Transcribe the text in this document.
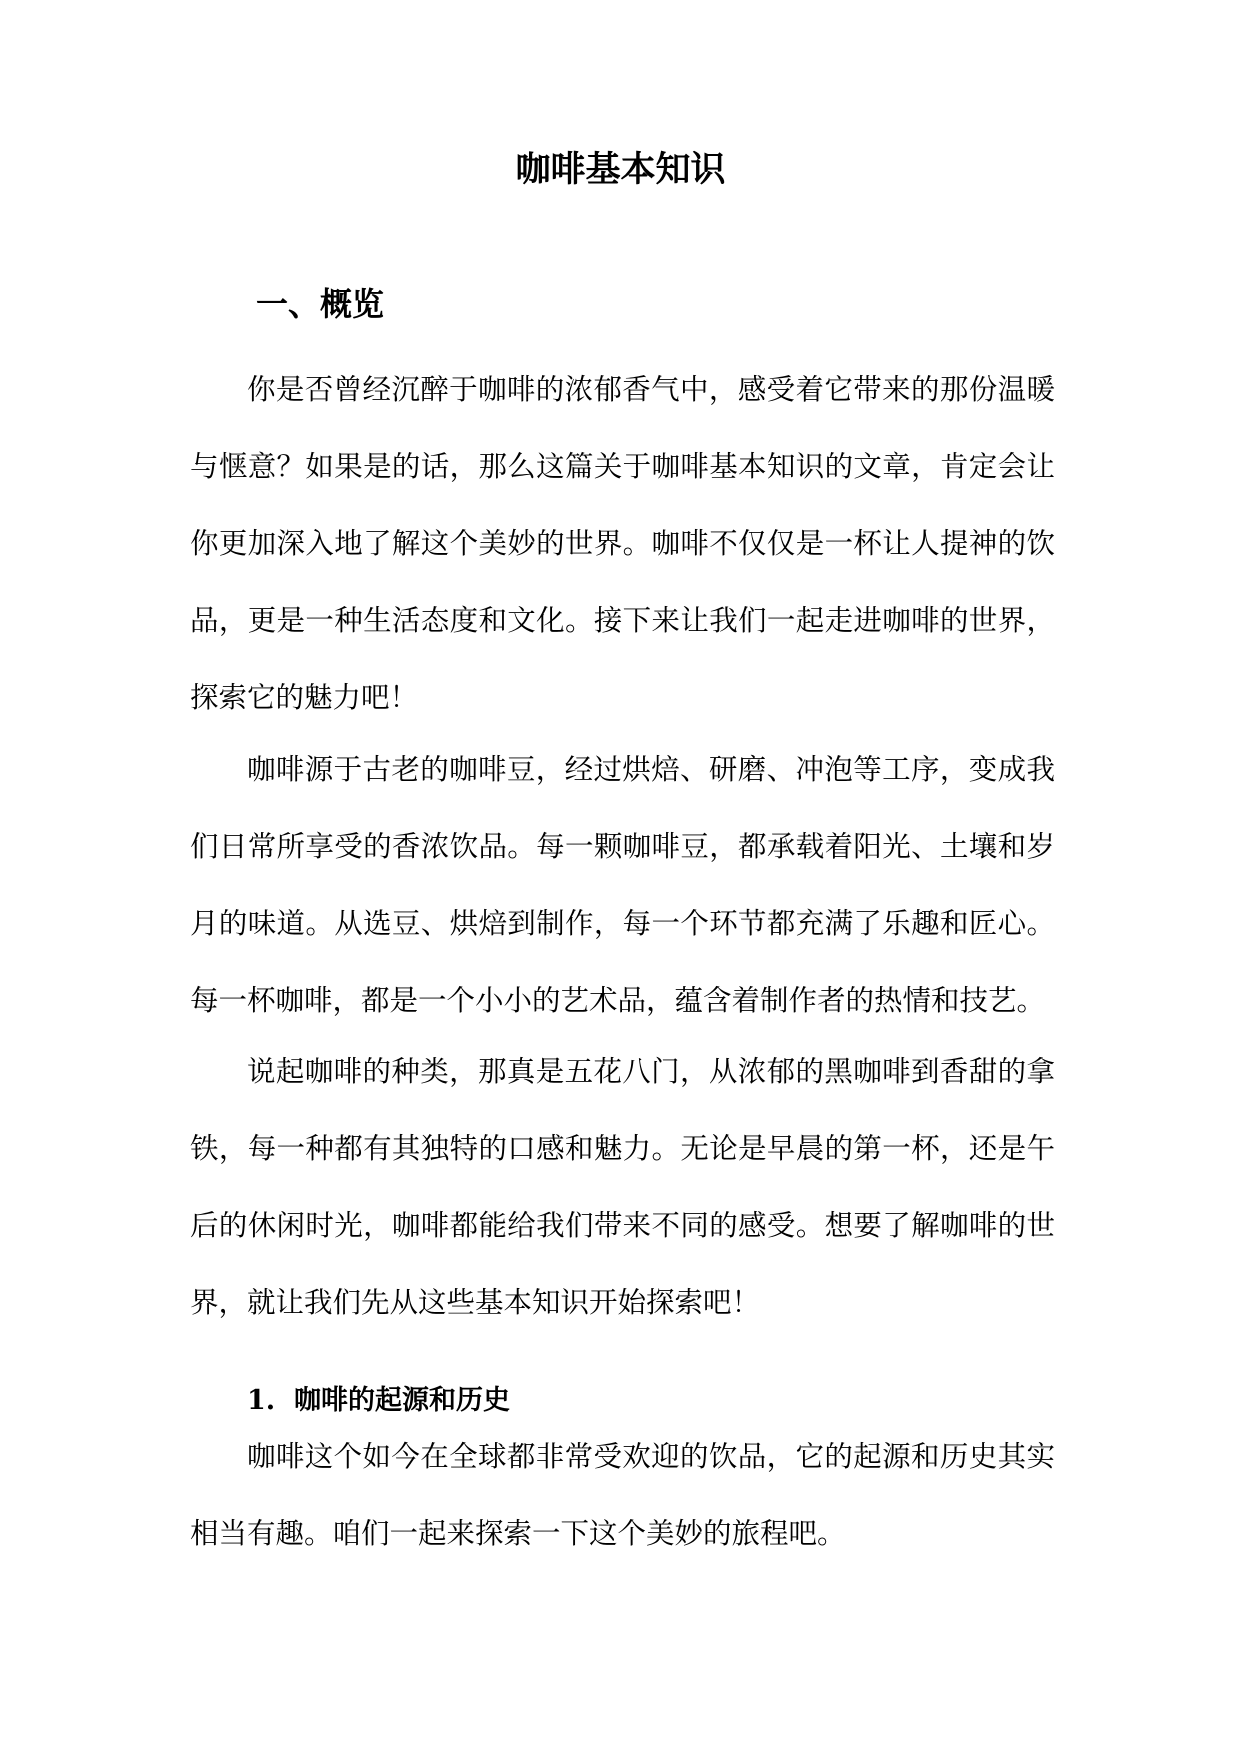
咖啡基本知识
一、概览

你是否曾经沉醉于咖啡的浓郁香气中，感受着它带来的那份温暖与惬意？如果是的话，那么这篇关于咖啡基本知识的文章，肯定会让你更加深入地了解这个美妙的世界。咖啡不仅仅是一杯让人提神的饮品，更是一种生活态度和文化。接下来让我们一起走进咖啡的世界，探索它的魅力吧！

咖啡源于古老的咖啡豆，经过烘焙、研磨、冲泡等工序，变成我们日常所享受的香浓饮品。每一颗咖啡豆，都承载着阳光、土壤和岁月的味道。从选豆、烘焙到制作，每一个环节都充满了乐趣和匠心。每一杯咖啡，都是一个小小的艺术品，蕴含着制作者的热情和技艺。

说起咖啡的种类，那真是五花八门，从浓郁的黑咖啡到香甜的拿铁，每一种都有其独特的口感和魅力。无论是早晨的第一杯，还是午后的休闲时光，咖啡都能给我们带来不同的感受。想要了解咖啡的世界，就让我们先从这些基本知识开始探索吧！

1.  咖啡的起源和历史

咖啡这个如今在全球都非常受欢迎的饮品，它的起源和历史其实相当有趣。咱们一起来探索一下这个美妙的旅程吧。
